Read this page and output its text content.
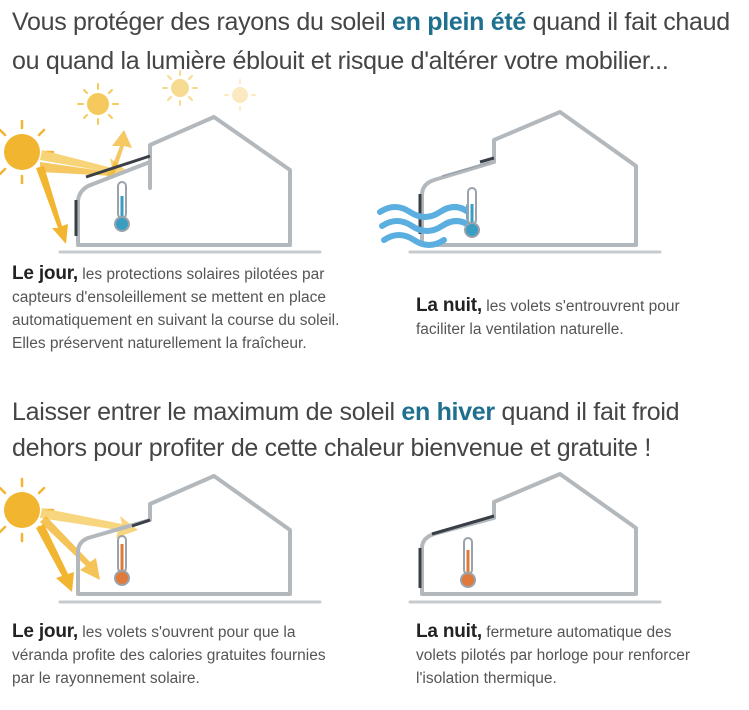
Vous protéger des rayons du soleil en plein été quand il fait chaud
ou quand la lumière éblouit et risque d'altérer votre mobilier...
Le jour, les protections solaires pilotées par
capteurs d'ensoleillement se mettent en place
automatiquement en suivant la course du soleil.
Elles préservent naturellement la fraîcheur.
La nuit, les volets s'entrouvrent pour
faciliter la ventilation naturelle.
Laisser entrer le maximum de soleil en hiver quand il fait froid
dehors pour profiter de cette chaleur bienvenue et gratuite !
Le jour, les volets s'ouvrent pour que la
véranda profite des calories gratuites fournies
par le rayonnement solaire.
La nuit, fermeture automatique des
volets pilotés par horloge pour renforcer
l'isolation thermique.
